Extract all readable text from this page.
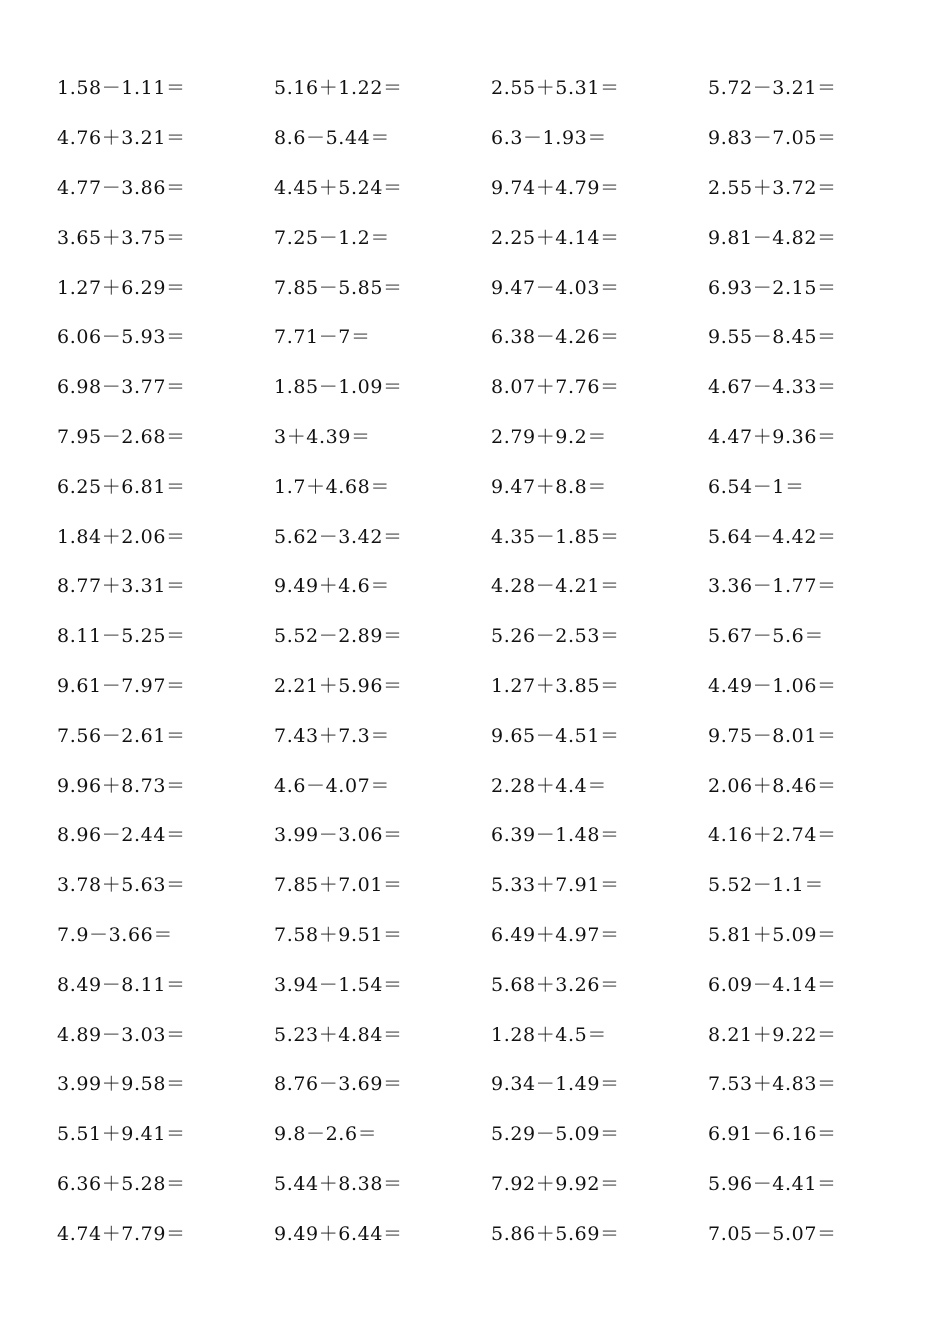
1.58－1.11＝	5.16＋1.22＝	2.55＋5.31＝	5.72－3.21＝
4.76＋3.21＝	8.6－5.44＝	6.3－1.93＝	9.83－7.05＝
4.77－3.86＝	4.45＋5.24＝	9.74＋4.79＝	2.55＋3.72＝
3.65＋3.75＝	7.25－1.2＝	2.25＋4.14＝	9.81－4.82＝
1.27＋6.29＝	7.85－5.85＝	9.47－4.03＝	6.93－2.15＝
6.06－5.93＝	7.71－7＝	6.38－4.26＝	9.55－8.45＝
6.98－3.77＝	1.85－1.09＝	8.07＋7.76＝	4.67－4.33＝
7.95－2.68＝	3＋4.39＝	2.79＋9.2＝	4.47＋9.36＝
6.25＋6.81＝	1.7＋4.68＝	9.47＋8.8＝	6.54－1＝
1.84＋2.06＝	5.62－3.42＝	4.35－1.85＝	5.64－4.42＝
8.77＋3.31＝	9.49＋4.6＝	4.28－4.21＝	3.36－1.77＝
8.11－5.25＝	5.52－2.89＝	5.26－2.53＝	5.67－5.6＝
9.61－7.97＝	2.21＋5.96＝	1.27＋3.85＝	4.49－1.06＝
7.56－2.61＝	7.43＋7.3＝	9.65－4.51＝	9.75－8.01＝
9.96＋8.73＝	4.6－4.07＝	2.28＋4.4＝	2.06＋8.46＝
8.96－2.44＝	3.99－3.06＝	6.39－1.48＝	4.16＋2.74＝
3.78＋5.63＝	7.85＋7.01＝	5.33＋7.91＝	5.52－1.1＝
7.9－3.66＝	7.58＋9.51＝	6.49＋4.97＝	5.81＋5.09＝
8.49－8.11＝	3.94－1.54＝	5.68＋3.26＝	6.09－4.14＝
4.89－3.03＝	5.23＋4.84＝	1.28＋4.5＝	8.21＋9.22＝
3.99＋9.58＝	8.76－3.69＝	9.34－1.49＝	7.53＋4.83＝
5.51＋9.41＝	9.8－2.6＝	5.29－5.09＝	6.91－6.16＝
6.36＋5.28＝	5.44＋8.38＝	7.92＋9.92＝	5.96－4.41＝
4.74＋7.79＝	9.49＋6.44＝	5.86＋5.69＝	7.05－5.07＝
